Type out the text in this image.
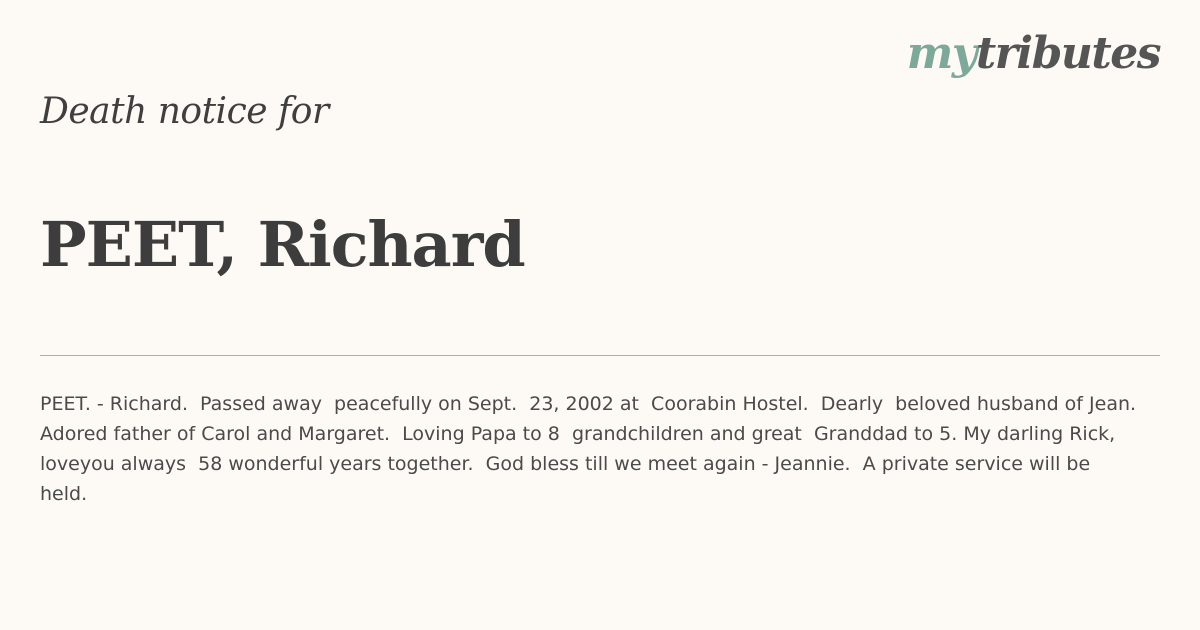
mytributes
Death notice for
PEET, Richard

PEET. - Richard.  Passed away  peacefully on Sept.  23, 2002 at  Coorabin Hostel.  Dearly  beloved husband of Jean.  Adored father of Carol and Margaret.  Loving Papa to 8  grandchildren and great  Granddad to 5. My darling Rick, loveyou always  58 wonderful years together.  God bless till we meet again - Jeannie.  A private service will be held.
